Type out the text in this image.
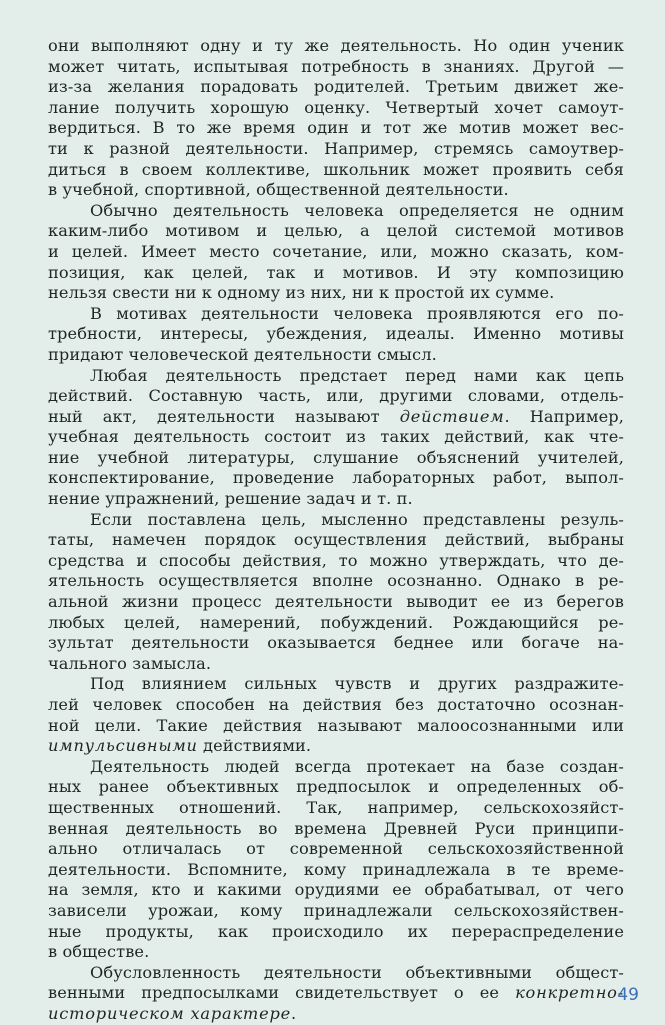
они выполняют одну и ту же деятельность. Но один ученик
может читать, испытывая потребность в знаниях. Другой —
из-за желания порадовать родителей. Третьим движет же-
лание получить хорошую оценку. Четвертый хочет самоут-
вердиться. В то же время один и тот же мотив может вес-
ти к разной деятельности. Например, стремясь самоутвер-
диться в своем коллективе, школьник может проявить себя
в учебной, спортивной, общественной деятельности.
Обычно деятельность человека определяется не одним
каким-либо мотивом и целью, а целой системой мотивов
и целей. Имеет место сочетание, или, можно сказать, ком-
позиция, как целей, так и мотивов. И эту композицию
нельзя свести ни к одному из них, ни к простой их сумме.
В мотивах деятельности человека проявляются его по-
требности, интересы, убеждения, идеалы. Именно мотивы
придают человеческой деятельности смысл.
Любая деятельность предстает перед нами как цепь
действий. Составную часть, или, другими словами, отдель-
ный акт, деятельности называют действием. Например,
учебная деятельность состоит из таких действий, как чте-
ние учебной литературы, слушание объяснений учителей,
конспектирование, проведение лабораторных работ, выпол-
нение упражнений, решение задач и т. п.
Если поставлена цель, мысленно представлены резуль-
таты, намечен порядок осуществления действий, выбраны
средства и способы действия, то можно утверждать, что де-
ятельность осуществляется вполне осознанно. Однако в ре-
альной жизни процесс деятельности выводит ее из берегов
любых целей, намерений, побуждений. Рождающийся ре-
зультат деятельности оказывается беднее или богаче на-
чального замысла.
Под влиянием сильных чувств и других раздражите-
лей человек способен на действия без достаточно осознан-
ной цели. Такие действия называют малоосознанными или
импульсивными действиями.
Деятельность людей всегда протекает на базе создан-
ных ранее объективных предпосылок и определенных об-
щественных отношений. Так, например, сельскохозяйст-
венная деятельность во времена Древней Руси принципи-
ально отличалась от современной сельскохозяйственной
деятельности. Вспомните, кому принадлежала в те време-
на земля, кто и какими орудиями ее обрабатывал, от чего
зависели урожаи, кому принадлежали сельскохозяйствен-
ные продукты, как происходило их перераспределение
в обществе.
Обусловленность деятельности объективными общест-
венными предпосылками свидетельствует о ее конкретно-
историческом характере.
49
